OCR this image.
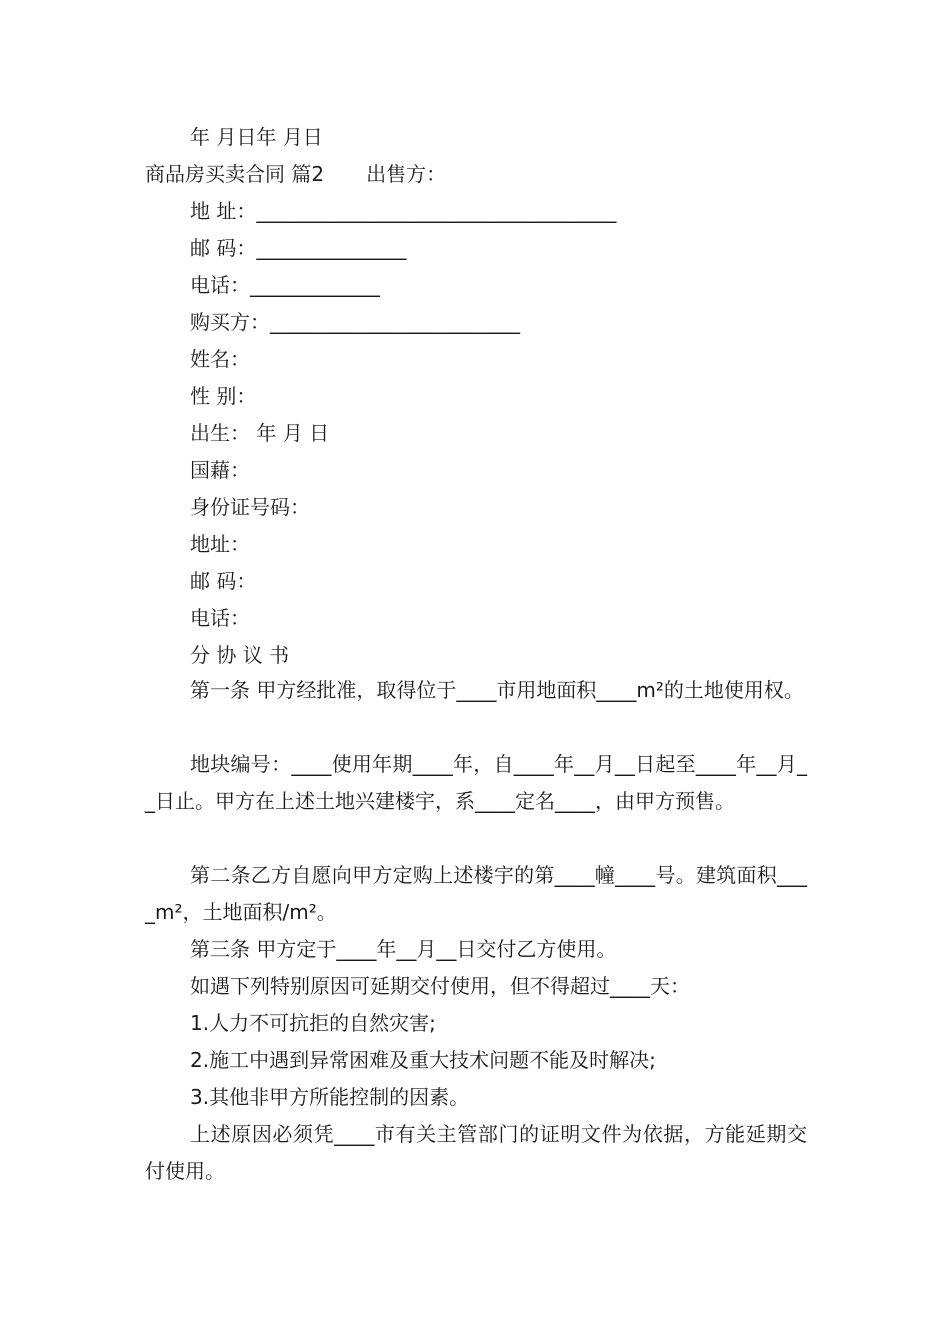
年 月日年 月日
商品房买卖合同 篇2 出售方：
地 址：____________________________________
邮 码：_______________
电话：_____________
购买方：_________________________
姓名：
性 别：
出生： 年 月 日
国藉：
身份证号码：
地址：
邮 码：
电话：
分 协 议 书
第一条 甲方经批准，取得位于____市用地面积____m²的土地使用权。
地块编号：____使用年期____年，自____年__月__日起至____年__月__日止。甲方在上述土地兴建楼宇，系____定名____，由甲方预售。
第二条乙方自愿向甲方定购上述楼宇的第____幢____号。建筑面积____m²，土地面积/m²。
第三条 甲方定于____年__月__日交付乙方使用。
如遇下列特别原因可延期交付使用，但不得超过____天：
1.人力不可抗拒的自然灾害;
2.施工中遇到异常困难及重大技术问题不能及时解决;
3.其他非甲方所能控制的因素。
上述原因必须凭____市有关主管部门的证明文件为依据，方能延期交付使用。
